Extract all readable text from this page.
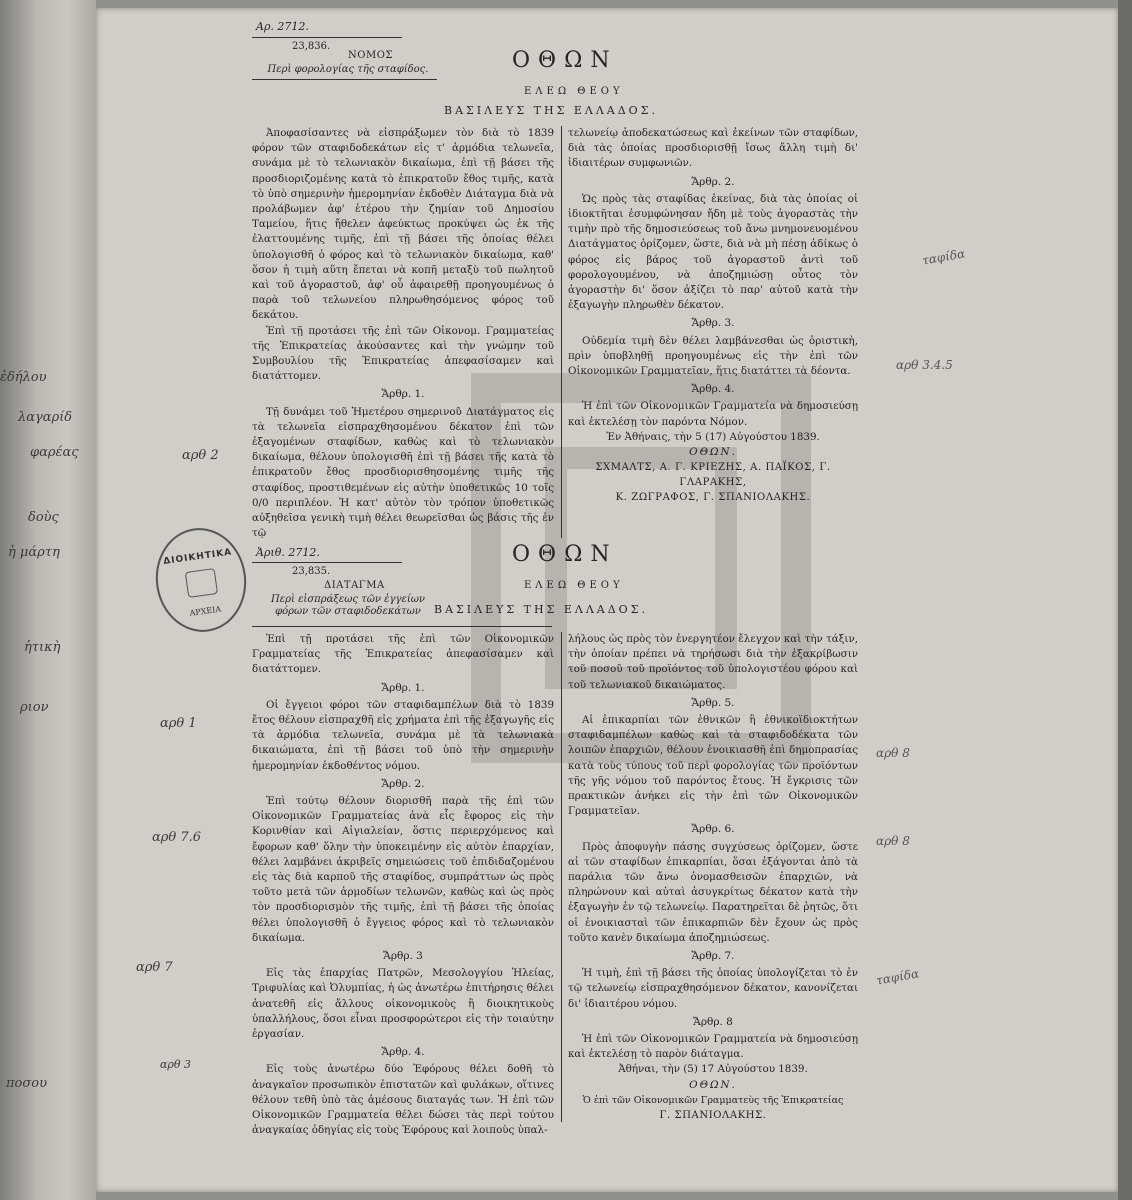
ἐδήλου
λαγαρίδ
φαρέας
δοὺς
ἡ μάρτη
ἠτικὴ
ριον
ποσου
Αρ. 2712.
23,836.
ΝΟΜΟΣ
Περὶ φορολογίας τῆς σταφίδος.	ΟΘΩΝ
ΕΛΕΩ ΘΕΟΥ
ΒΑΣΙΛΕΥΣ ΤΗΣ ΕΛΛΑΔΟΣ.

Ἀποφασίσαντες νὰ εἰσπράξωμεν τὸν διὰ τὸ 1839 φόρον τῶν σταφιδοδεκάτων εἰς τ' ἁρμόδια τελωνεῖα, συνάμα μὲ τὸ τελωνιακὸν δικαίωμα, ἐπὶ τῇ βάσει τῆς προσδιοριζομένης κατὰ τὸ ἐπικρατοῦν ἔθος τιμῆς, κατὰ τὸ ὑπὸ σημερινὴν ἡμερομηνίαν ἐκδοθὲν Διάταγμα διὰ νὰ προλάβωμεν ἀφ' ἑτέρου τὴν ζημίαν τοῦ Δημοσίου Ταμείου, ἥτις ἤθελεν ἀφεύκτως προκύψει ὡς ἐκ τῆς ἐλαττουμένης τιμῆς, ἐπὶ τῇ βάσει τῆς ὁποίας θέλει ὑπολογισθῆ ὁ φόρος καὶ τὸ τελωνιακὸν δικαίωμα, καθ' ὅσον ἡ τιμὴ αὕτη ἔπεται νὰ κοπῆ μεταξὺ τοῦ πωλητοῦ καὶ τοῦ ἀγοραστοῦ, ἀφ' οὗ ἀφαιρεθῇ προηγουμένως ὁ παρὰ τοῦ τελωνείου πληρωθησόμενος φόρος τοῦ δεκάτου.

Ἐπὶ τῇ προτάσει τῆς ἐπὶ τῶν Οἰκονομ. Γραμματείας τῆς Ἐπικρατείας ἀκούσαντες καὶ τὴν γνώμην τοῦ Συμβουλίου τῆς Ἐπικρατείας ἀπεφασίσαμεν καὶ διατάττομεν.

Ἄρθρ. 1.

Τῇ δυνάμει τοῦ Ἡμετέρου σημερινοῦ Διατάγματος εἰς τὰ τελωνεῖα εἰσπραχθησομένου δέκατον ἐπὶ τῶν ἐξαγομένων σταφίδων, καθὼς καὶ τὸ τελωνιακὸν δικαίωμα, θέλουν ὑπολογισθῆ ἐπὶ τῇ βάσει τῆς κατὰ τὸ ἐπικρατοῦν ἔθος προσδιορισθησομένης τιμῆς τῆς σταφίδος, προστιθεμένων εἰς αὐτὴν ὑποθετικῶς 10 τοῖς 0/0 περιπλέον. Ἡ κατ' αὐτὸν τὸν τρόπον ὑποθετικῶς αὐξηθεῖσα γενικὴ τιμὴ θέλει θεωρεῖσθαι ὡς βάσις τῆς ἐν τῷ

τελωνείῳ ἀποδεκατώσεως καὶ ἐκείνων τῶν σταφίδων, διὰ τὰς ὁποίας προσδιορισθῇ ἴσως ἄλλη τιμὴ δι' ἰδιαιτέρων συμφωνιῶν.

Ἄρθρ. 2.

Ὡς πρὸς τὰς σταφίδας ἐκείνας, διὰ τὰς ὁποίας οἱ ἰδιοκτῆται ἐσυμφώνησαν ἤδη μὲ τοὺς ἀγοραστὰς τὴν τιμὴν πρὸ τῆς δημοσιεύσεως τοῦ ἄνω μνημονευομένου Διατάγματος ὁρίζομεν, ὥστε, διὰ νὰ μὴ πέσῃ ἀδίκως ὁ φόρος εἰς βάρος τοῦ ἀγοραστοῦ ἀντὶ τοῦ φορολογουμένου, νὰ ἀποζημιώσῃ οὗτος τὸν ἀγοραστὴν δι' ὅσον ἀξίζει τὸ παρ' αὐτοῦ κατὰ τὴν ἐξαγωγὴν πληρωθὲν δέκατον.

Ἄρθρ. 3.

Οὐδεμία τιμὴ δὲν θέλει λαμβάνεσθαι ὡς ὁριστικὴ, πρὶν ὑποβληθῇ προηγουμένως εἰς τὴν ἐπὶ τῶν Οἰκονομικῶν Γραμματεῖαν, ἥτις διατάττει τὰ δέοντα.

Ἄρθρ. 4.

Ἡ ἐπὶ τῶν Οἰκονομικῶν Γραμματεία νὰ δημοσιεύσῃ καὶ ἐκτελέσῃ τὸν παρόντα Νόμον.

Ἐν Ἀθήναις, τὴν 5 (17) Αὐγούστου 1839.
ΟΘΩΝ.
ΣΧΜΑΛΤΣ, Α. Γ. ΚΡΙΕΖΗΣ, Α. ΠΑΪΚΟΣ, Γ. ΓΛΑΡΑΚΗΣ,
Κ. ΖΩΓΡΑΦΟΣ, Γ. ΣΠΑΝΙΟΛΑΚΗΣ.
Ἀριθ. 2712.
23,835.
ΔΙΑΤΑΓΜΑ
Περὶ εἰσπράξεως τῶν ἐγγείων φόρων τῶν σταφιδοδεκάτων
ΟΘΩΝ
ΕΛΕΩ ΘΕΟΥ
ΒΑΣΙΛΕΥΣ ΤΗΣ ΕΛΛΑΔΟΣ.

Ἐπὶ τῇ προτάσει τῆς ἐπὶ τῶν Οἰκονομικῶν Γραμματείας τῆς Ἐπικρατείας ἀπεφασίσαμεν καὶ διατάττομεν.

Ἄρθρ. 1.

Οἱ ἔγγειοι φόροι τῶν σταφιδαμπέλων διὰ τὸ 1839 ἔτος θέλουν εἰσπραχθῆ εἰς χρήματα ἐπὶ τῆς ἐξαγωγῆς εἰς τὰ ἁρμόδια τελωνεῖα, συνάμα μὲ τὰ τελωνιακὰ δικαιώματα, ἐπὶ τῇ βάσει τοῦ ὑπὸ τὴν σημερινὴν ἡμερομηνίαν ἐκδοθέντος νόμου.

Ἄρθρ. 2.

Ἐπὶ τούτῳ θέλουν διορισθῆ παρὰ τῆς ἐπὶ τῶν Οἰκονομικῶν Γραμματείας ἀνὰ εἷς ἔφορος εἰς τὴν Κορινθίαν καὶ Αἰγιαλείαν, ὅστις περιερχόμενος καὶ ἔφορων καθ' ὅλην τὴν ὑποκειμένην εἰς αὐτὸν ἐπαρχίαν, θέλει λαμβάνει ἀκριβεῖς σημειώσεις τοῦ ἐπιδιδαζομένου εἰς τὰς διὰ καρποῦ τῆς σταφίδος, συμπράττων ὡς πρὸς τοῦτο μετὰ τῶν ἁρμοδίων τελωνῶν, καθὼς καὶ ὡς πρὸς τὸν προσδιορισμὸν τῆς τιμῆς, ἐπὶ τῇ βάσει τῆς ὁποίας θέλει ὑπολογισθῆ ὁ ἔγγειος φόρος καὶ τὸ τελωνιακὸν δικαίωμα.

Ἄρθρ. 3

Εἰς τὰς ἐπαρχίας Πατρῶν, Μεσολογγίου Ἠλείας, Τριφυλίας καὶ Ὀλυμπίας, ἡ ὡς ἀνωτέρω ἐπιτήρησις θέλει ἀνατεθῆ εἰς ἄλλους οἰκονομικοὺς ἢ διοικητικοὺς ὑπαλλήλους, ὅσοι εἶναι προσφορώτεροι εἰς τὴν τοιαύτην ἐργασίαν.

Ἄρθρ. 4.

Εἰς τοὺς ἀνωτέρω δύο Ἐφόρους θέλει δοθῆ τὸ ἀναγκαῖον προσωπικὸν ἐπιστατῶν καὶ φυλάκων, οἵτινες θέλουν τεθῆ ὑπὸ τὰς ἀμέσους διαταγάς των. Ἡ ἐπὶ τῶν Οἰκονομικῶν Γραμματεία θέλει δώσει τὰς περὶ τούτου ἀναγκαίας ὁδηγίας εἰς τοὺς Ἐφόρους καὶ λοιποὺς ὑπαλ-

λήλους ὡς πρὸς τὸν ἐνεργητέον ἔλεγχον καὶ τὴν τάξιν, τὴν ὁποίαν πρέπει νὰ τηρήσωσι διὰ τὴν ἐξακρίβωσιν τοῦ ποσοῦ τοῦ προϊόντος τοῦ ὑπολογιστέου φόρου καὶ τοῦ τελωνιακοῦ δικαιώματος.

Ἄρθρ. 5.

Αἱ ἐπικαρπίαι τῶν ἐθνικῶν ἢ ἐθνικοϊδιοκτήτων σταφιδαμπέλων καθὼς καὶ τὰ σταφιδοδέκατα τῶν λοιπῶν ἐπαρχιῶν, θέλουν ἐνοικιασθῆ ἐπὶ δημοπρασίας κατὰ τοὺς τύπους τοῦ περὶ φορολογίας τῶν προϊόντων τῆς γῆς νόμου τοῦ παρόντος ἔτους. Ἡ ἔγκρισις τῶν πρακτικῶν ἀνήκει εἰς τὴν ἐπὶ τῶν Οἰκονομικῶν Γραμματεῖαν.

Ἄρθρ. 6.

Πρὸς ἀποφυγὴν πάσης συγχύσεως ὁρίζομεν, ὥστε αἱ τῶν σταφίδων ἐπικαρπίαι, ὅσαι ἐξάγονται ἀπὸ τὰ παράλια τῶν ἄνω ὀνομασθεισῶν ἐπαρχιῶν, νὰ πληρώνουν καὶ αὐταὶ ἀσυγκρίτως δέκατον κατὰ τὴν ἐξαγωγὴν ἐν τῷ τελωνείῳ. Παρατηρεῖται δὲ ῥητῶς, ὅτι οἱ ἐνοικιασταὶ τῶν ἐπικαρπιῶν δὲν ἔχουν ὡς πρὸς τοῦτο κανὲν δικαίωμα ἀποζημιώσεως.

Ἄρθρ. 7.

Ἡ τιμὴ, ἐπὶ τῇ βάσει τῆς ὁποίας ὑπολογίζεται τὸ ἐν τῷ τελωνείῳ εἰσπραχθησόμενον δέκατον, κανονίζεται δι' ἰδιαιτέρου νόμου.

Ἄρθρ. 8

Ἡ ἐπὶ τῶν Οἰκονομικῶν Γραμματεία νὰ δημοσιεύσῃ καὶ ἐκτελέσῃ τὸ παρὸν διάταγμα.

Ἀθήναι, τὴν (5) 17 Αὐγούστου 1839.
ΟΘΩΝ.
Ὁ ἐπὶ τῶν Οἰκονομικῶν Γραμματεὺς τῆς Ἐπικρατείας
Γ. ΣΠΑΝΙΟΛΑΚΗΣ.
αρθ 2
αρθ 1
αρθ 7.6
αρθ 7
αρθ 3
αρθ 3.4.5
αρθ 8
αρθ 8
ταφίδα
ταφίδα
ΔΙΟΙΚΗΤΙΚΑ
ΑΡΧΕΙΑ
